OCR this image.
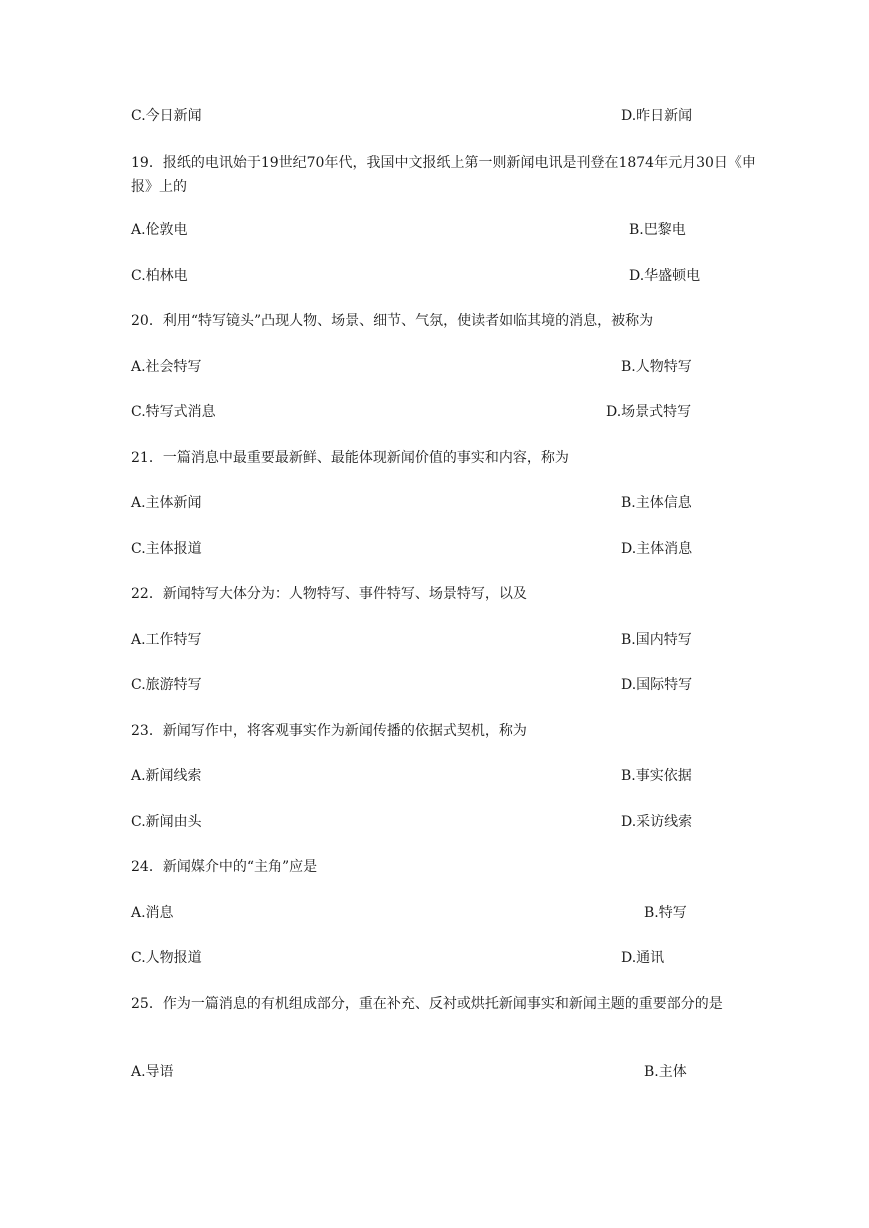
C.今日新闻	D.昨日新闻
19．报纸的电讯始于19世纪70年代，我国中文报纸上第一则新闻电讯是刊登在1874年元月30日《申报》上的
A.伦敦电	B.巴黎电
C.柏林电	D.华盛顿电
20．利用“特写镜头”凸现人物、场景、细节、气氛，使读者如临其境的消息，被称为
A.社会特写	B.人物特写
C.特写式消息	D.场景式特写
21．一篇消息中最重要最新鲜、最能体现新闻价值的事实和内容，称为
A.主体新闻	B.主体信息
C.主体报道	D.主体消息
22．新闻特写大体分为：人物特写、事件特写、场景特写，以及
A.工作特写	B.国内特写
C.旅游特写	D.国际特写
23．新闻写作中，将客观事实作为新闻传播的依据式契机，称为
A.新闻线索	B.事实依据
C.新闻由头	D.采访线索
24．新闻媒介中的“主角”应是
A.消息	B.特写
C.人物报道	D.通讯
25．作为一篇消息的有机组成部分，重在补充、反衬或烘托新闻事实和新闻主题的重要部分的是
A.导语	B.主体
